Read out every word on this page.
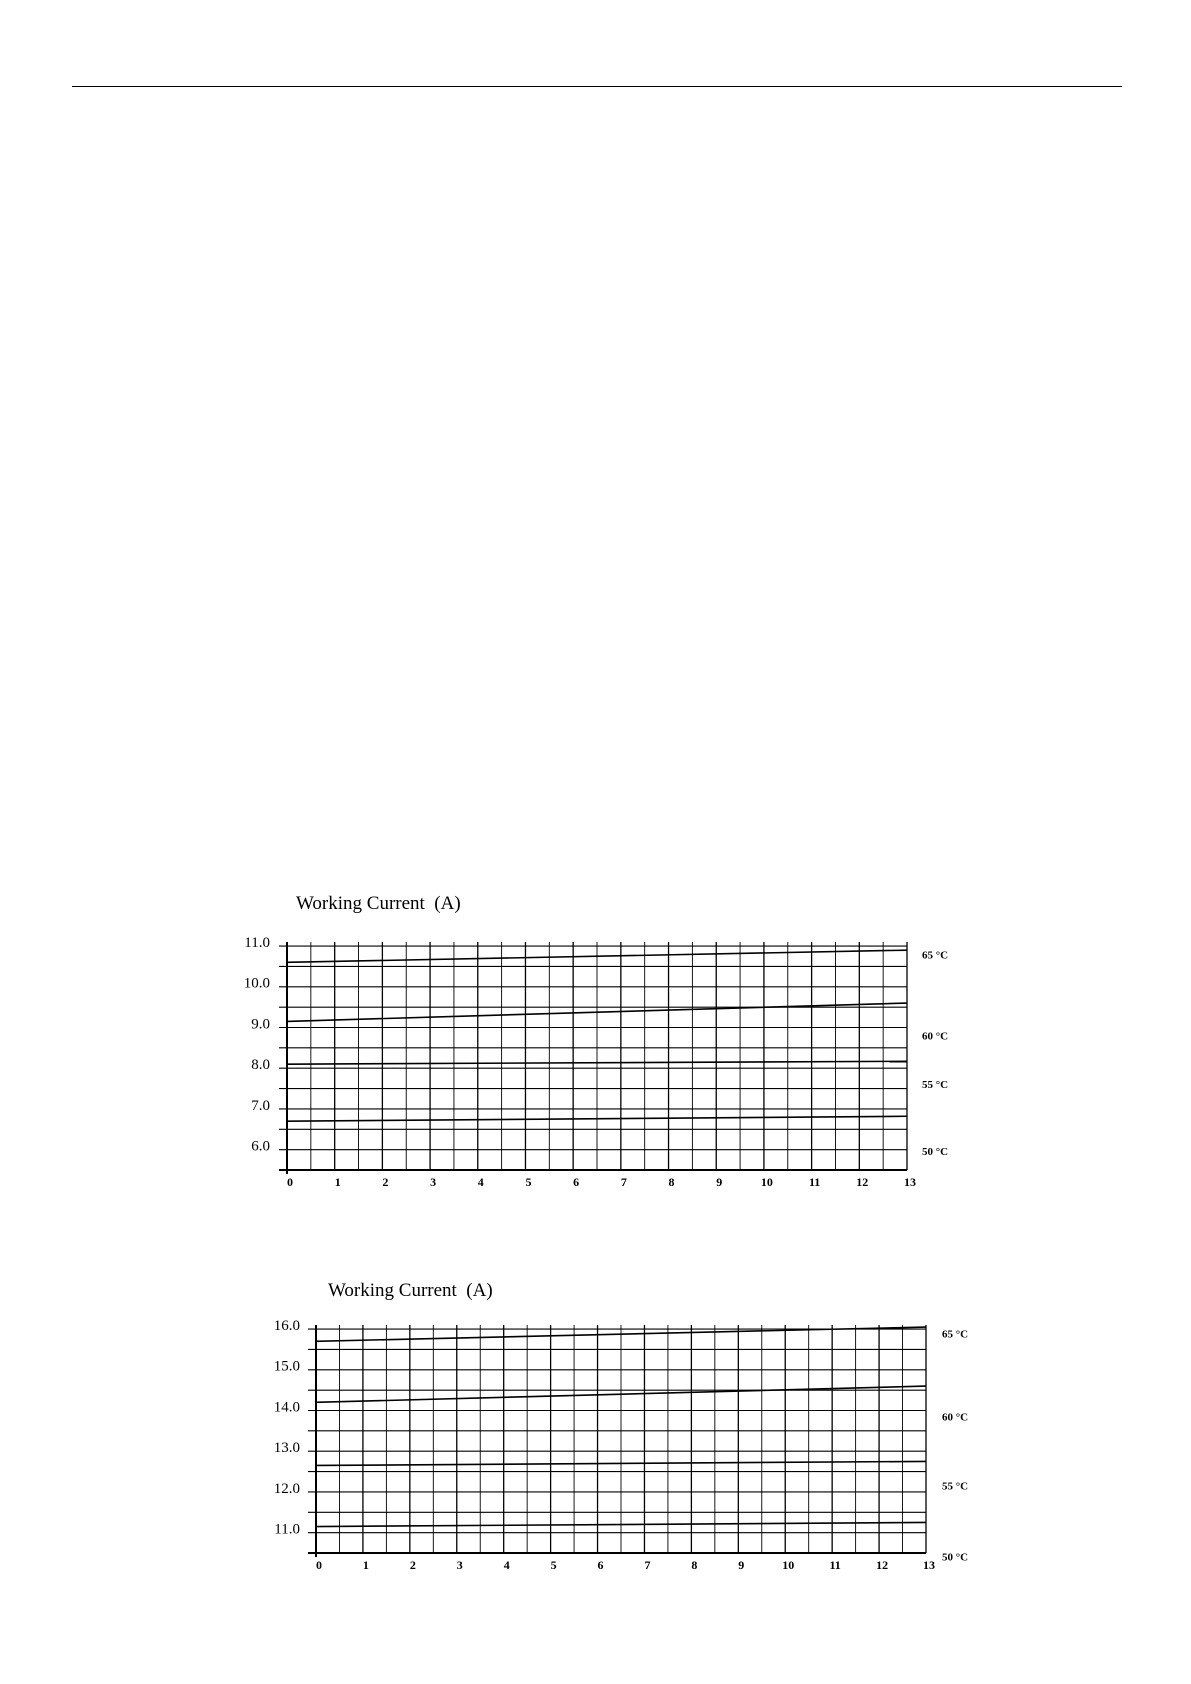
Working Current  (A)
11.0
10.0
9.0
8.0
7.0
6.0
0	1	2	3	4	5	6	7	8	9	10	11	12	13
65 °C
60 °C
55 °C
50 °C
Working Current  (A)
16.0
15.0
14.0
13.0
12.0
11.0
0	1	2	3	4	5	6	7	8	9	10	11	12	13
65 °C
60 °C
55 °C
50 °C
